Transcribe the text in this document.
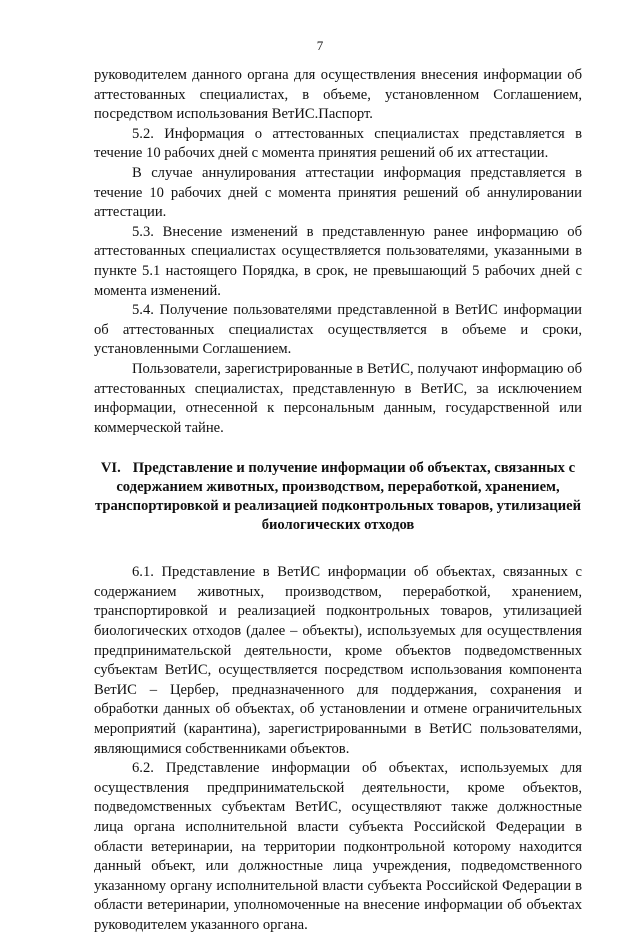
7

руководителем данного органа для осуществления внесения информации об аттестованных специалистах, в объеме, установленном Соглашением, посредством использования ВетИС.Паспорт.

5.2. Информация о аттестованных специалистах представляется в течение 10 рабочих дней с момента принятия решений об их аттестации.

В случае аннулирования аттестации информация представляется в течение 10 рабочих дней с момента принятия решений об аннулировании аттестации.

5.3. Внесение изменений в представленную ранее информацию об аттестованных специалистах осуществляется пользователями, указанными в пункте 5.1 настоящего Порядка, в срок, не превышающий 5 рабочих дней с момента изменений.

5.4. Получение пользователями представленной в ВетИС информации об аттестованных специалистах осуществляется в объеме и сроки, установленными Соглашением.

Пользователи, зарегистрированные в ВетИС, получают информацию об аттестованных специалистах, представленную в ВетИС, за исключением информации, отнесенной к персональным данным, государственной или коммерческой тайне.

VI. Представление и получение информации об объектах, связанных с содержанием животных, производством, переработкой, хранением, транспортировкой и реализацией подконтрольных товаров, утилизацией биологических отходов

6.1. Представление в ВетИС информации об объектах, связанных с содержанием животных, производством, переработкой, хранением, транспортировкой и реализацией подконтрольных товаров, утилизацией биологических отходов (далее – объекты), используемых для осуществления предпринимательской деятельности, кроме объектов подведомственных субъектам ВетИС, осуществляется посредством использования компонента ВетИС – Цербер, предназначенного для поддержания, сохранения и обработки данных об объектах, об установлении и отмене ограничительных мероприятий (карантина), зарегистрированными в ВетИС пользователями, являющимися собственниками объектов.

6.2. Представление информации об объектах, используемых для осуществления предпринимательской деятельности, кроме объектов, подведомственных субъектам ВетИС, осуществляют также должностные лица органа исполнительной власти субъекта Российской Федерации в области ветеринарии, на территории подконтрольной которому находится данный объект, или должностные лица учреждения, подведомственного указанному органу исполнительной власти субъекта Российской Федерации в области ветеринарии, уполномоченные на внесение информации об объектах руководителем указанного органа.
